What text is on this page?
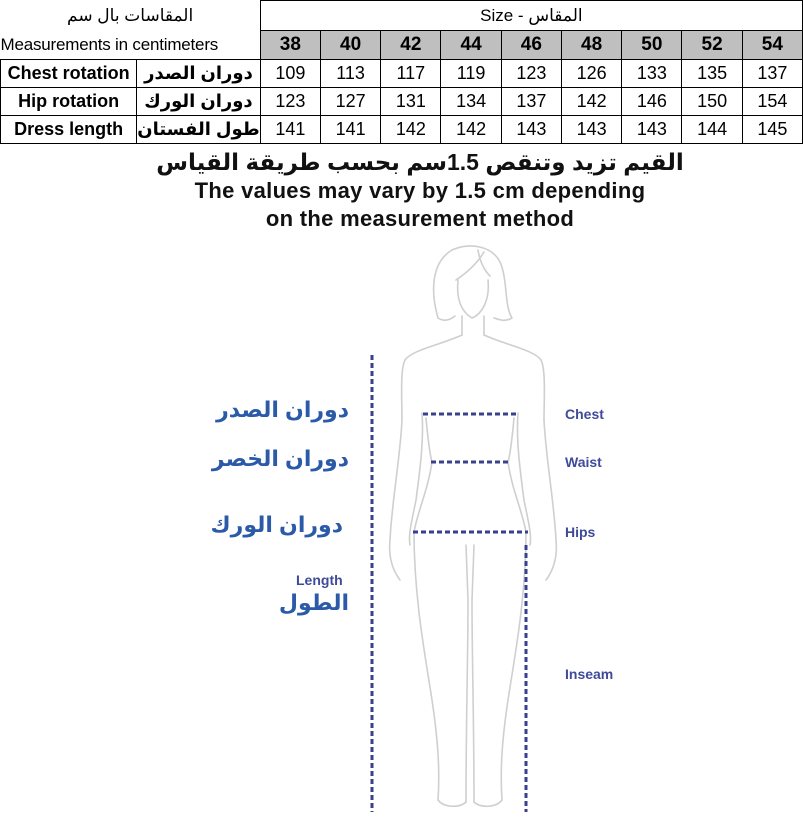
المقاسات بال سم		Size - المقاس								
Measurements in centimeters		38	40	42	44	46	48	50	52	54
Chest rotation	دوران الصدر	109	113	117	119	123	126	133	135	137
Hip rotation	دوران الورك	123	127	131	134	137	142	146	150	154
Dress length	طول الفستان	141	141	142	142	143	143	143	144	145
القيم تزيد وتنقص 1.5سم بحسب طريقة القياس
The values may vary by 1.5 cm depending
on the measurement method
Chest
Waist
Hips
Length
Inseam
دوران الصدر
دوران الخصر
دوران الورك
الطول
